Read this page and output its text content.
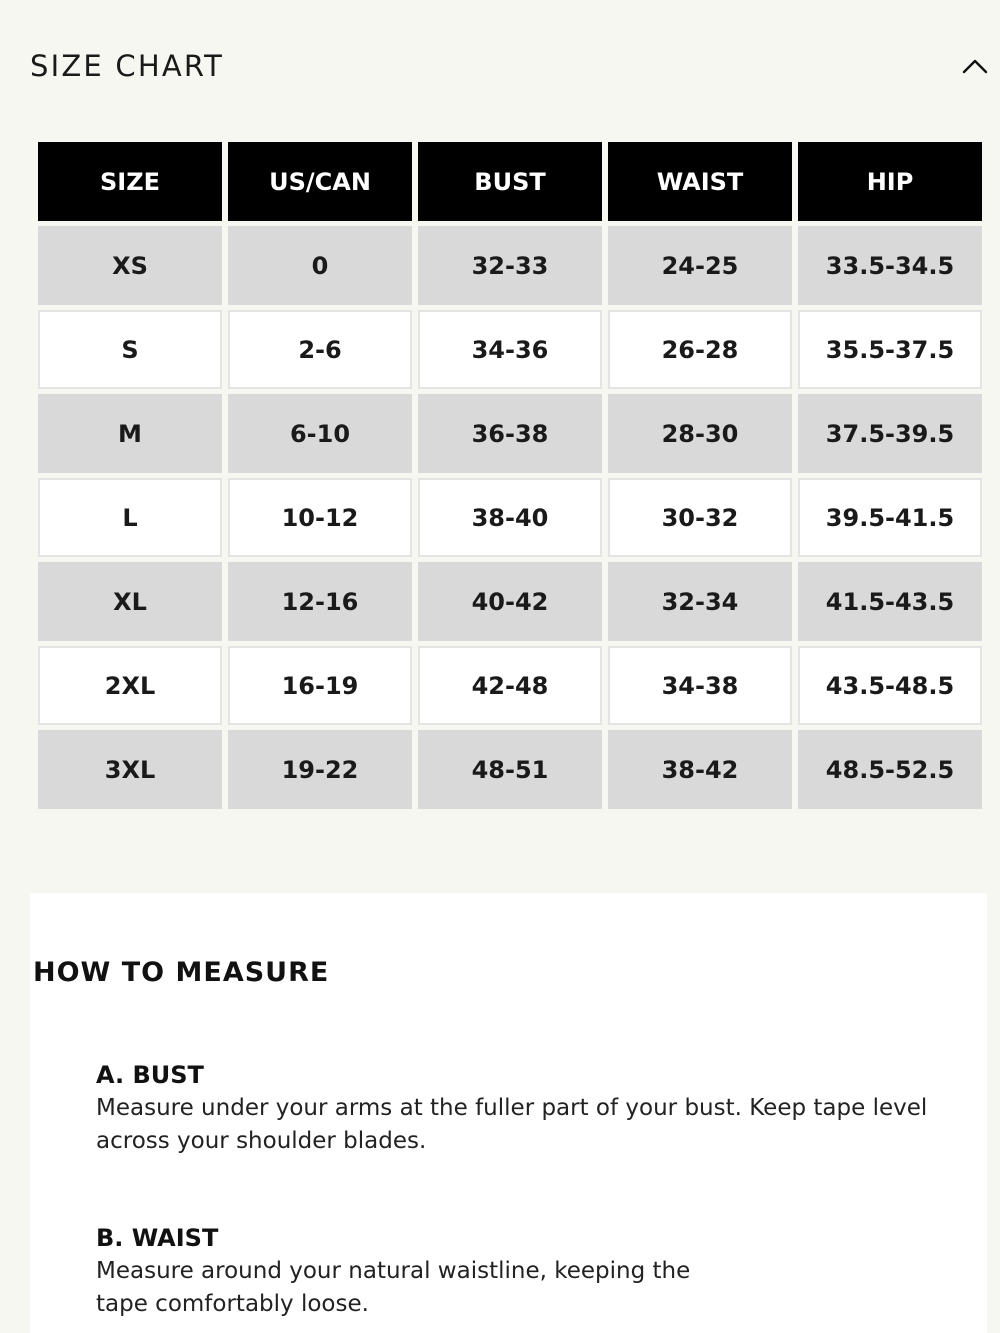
SIZE CHART
SIZE	US/CAN	BUST	WAIST	HIP
XS	0	32-33	24-25	33.5-34.5
S	2-6	34-36	26-28	35.5-37.5
M	6-10	36-38	28-30	37.5-39.5
L	10-12	38-40	30-32	39.5-41.5
XL	12-16	40-42	32-34	41.5-43.5
2XL	16-19	42-48	34-38	43.5-48.5
3XL	19-22	48-51	38-42	48.5-52.5
HOW TO MEASURE
A. BUST

Measure under your arms at the fuller part of your bust. Keep tape level across your shoulder blades.

B. WAIST

Measure around your natural waistline, keeping the tape comfortably loose.
